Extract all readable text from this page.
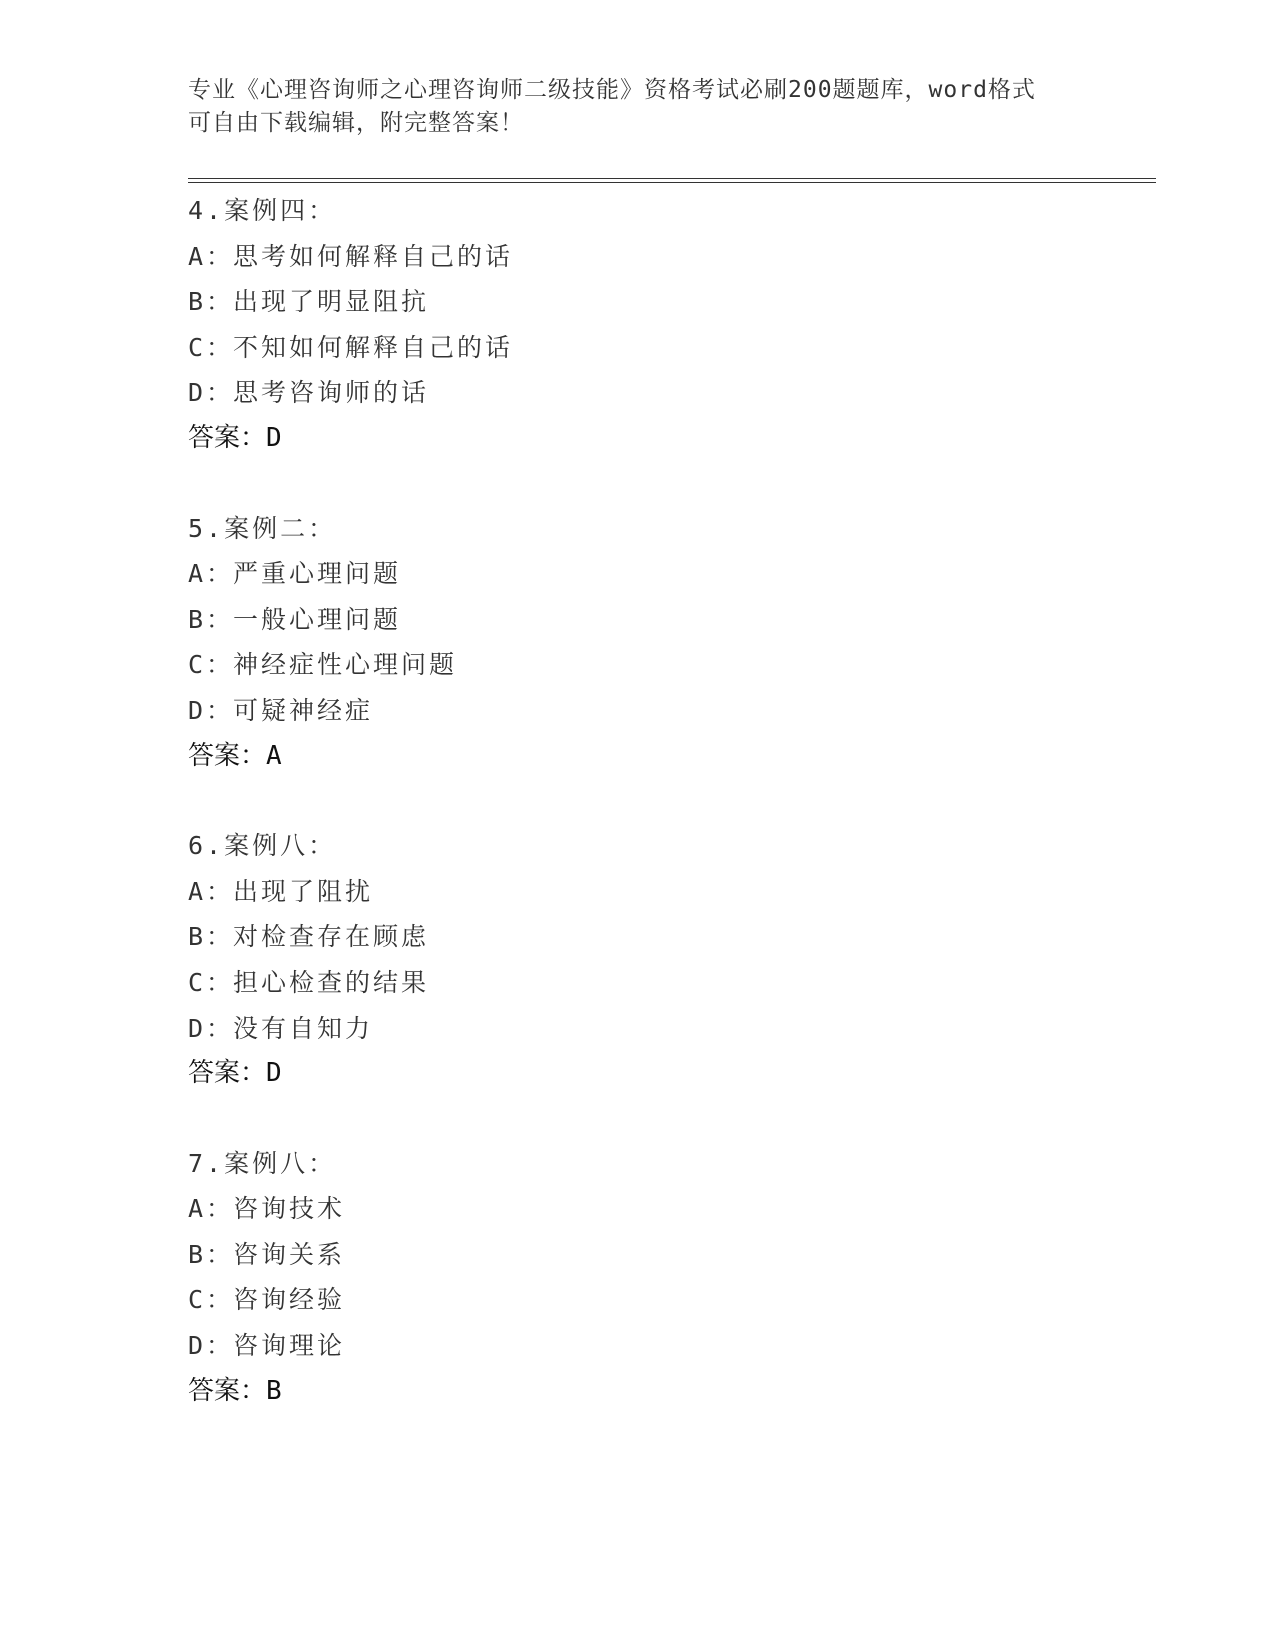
专业《心理咨询师之心理咨询师二级技能》资格考试必刷200题题库，word格式
可自由下载编辑，附完整答案！
4.案例四：
A：思考如何解释自己的话
B：出现了明显阻抗
C：不知如何解释自己的话
D：思考咨询师的话
答案：D
5.案例二：
A：严重心理问题
B：一般心理问题
C：神经症性心理问题
D：可疑神经症
答案：A
6.案例八：
A：出现了阻扰
B：对检查存在顾虑
C：担心检查的结果
D：没有自知力
答案：D
7.案例八：
A：咨询技术
B：咨询关系
C：咨询经验
D：咨询理论
答案：B
